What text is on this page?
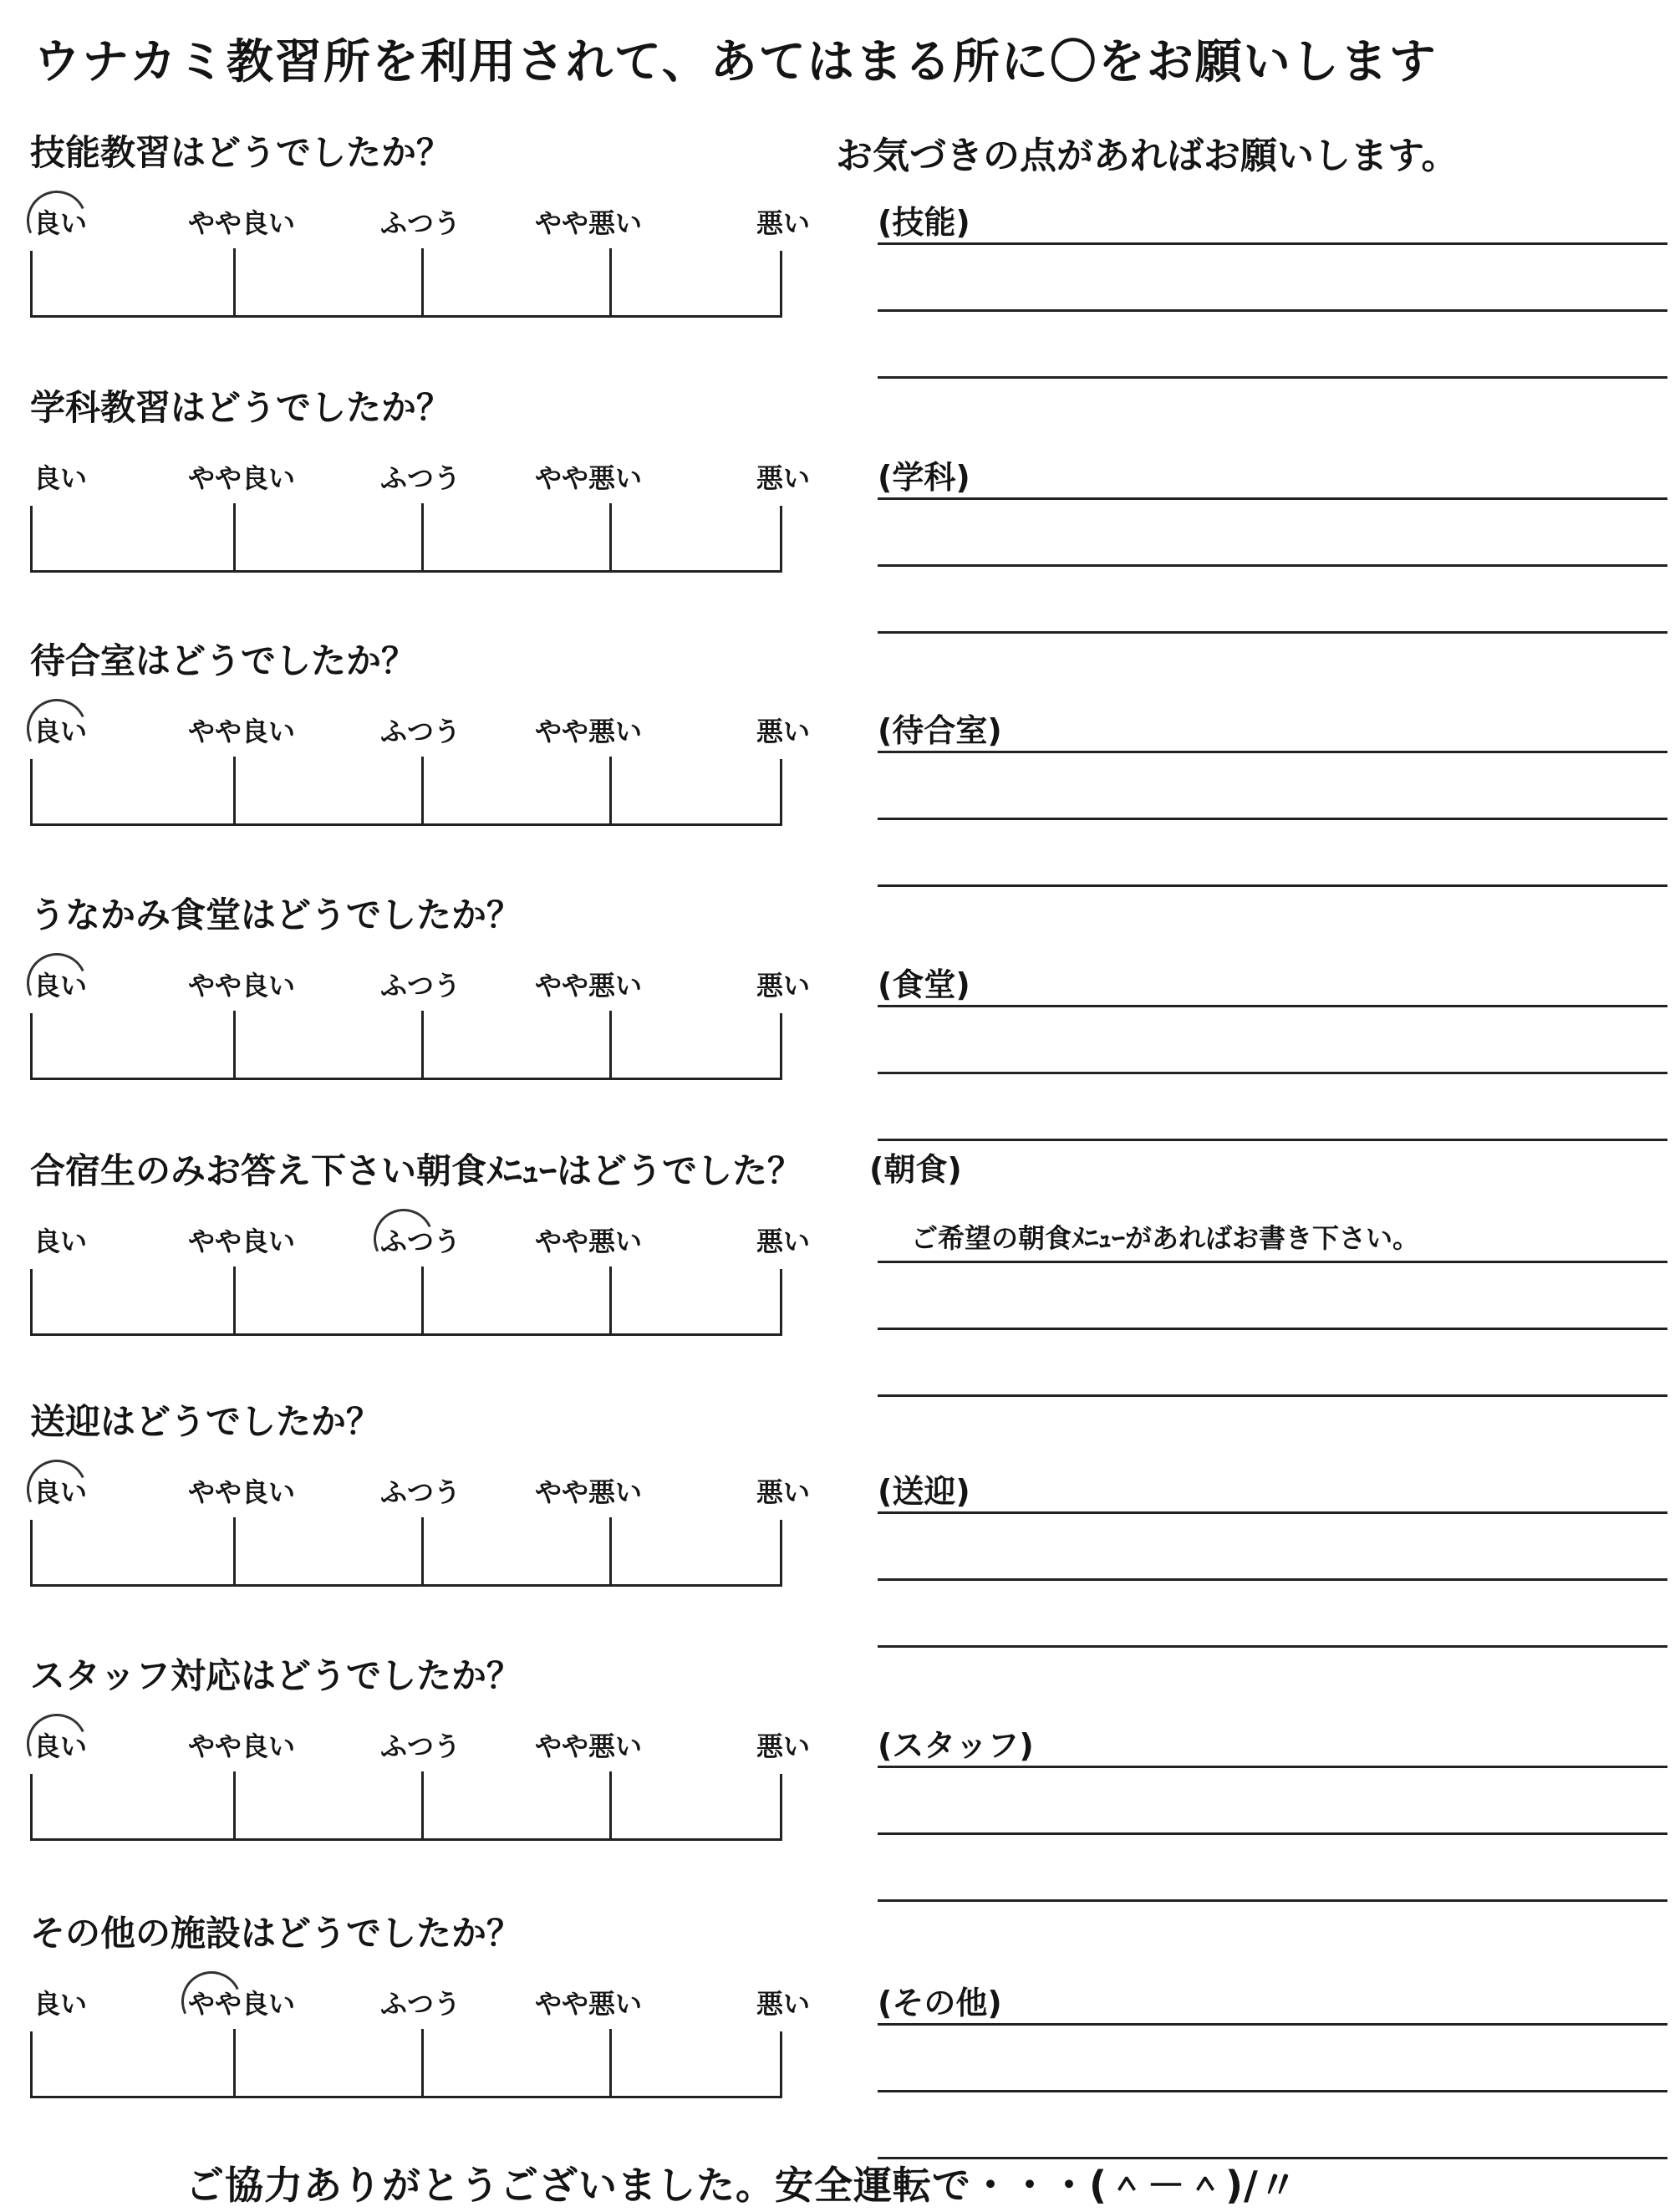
ウナカミ教習所を利用されて、あてはまる所に〇をお願いします
お気づきの点があればお願いします。
技能教習はどうでしたか？
良い	やや良い	ふつう	やや悪い	悪い (技能)
学科教習はどうでしたか？
良い	やや良い	ふつう	やや悪い	悪い (学科)
待合室はどうでしたか？
良い	やや良い	ふつう	やや悪い	悪い (待合室)
うなかみ食堂はどうでしたか？
良い	やや良い	ふつう	やや悪い	悪い (食堂)
合宿生のみお答え下さい朝食ﾒﾆｭｰはどうでした？
良い	やや良い	ふつう	やや悪い	悪い
(朝食)
ご希望の朝食ﾒﾆｭｰがあればお書き下さい。
送迎はどうでしたか？
良い	やや良い	ふつう	やや悪い	悪い (送迎)
スタッフ対応はどうでしたか？
良い	やや良い	ふつう	やや悪い	悪い (スタッフ)
その他の施設はどうでしたか？
良い	やや良い	ふつう	やや悪い	悪い (その他)
ご協力ありがとうございました。安全運転で・・・(＾－＾)/〃
